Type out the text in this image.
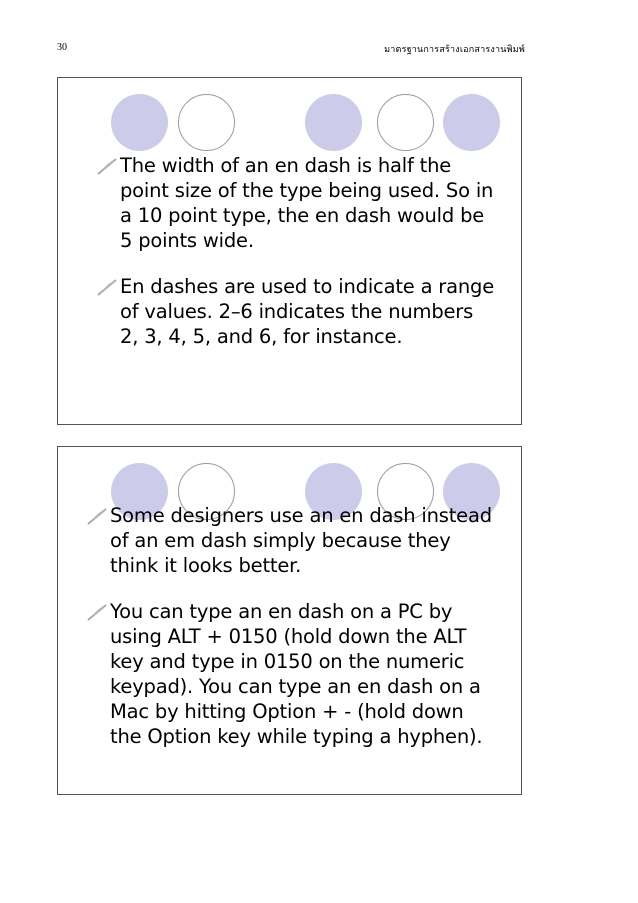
30	มาตรฐานการสร้างเอกสารงานพิมพ์
The width of an en dash is half the point size of the type being used. So in a 10 point type, the en dash would be 5 points wide.
En dashes are used to indicate a range of values. 2–6 indicates the numbers 2, 3, 4, 5, and 6, for instance.
Some designers use an en dash instead of an em dash simply because they think it looks better.
You can type an en dash on a PC by using ALT + 0150 (hold down the ALT key and type in 0150 on the numeric keypad). You can type an en dash on a Mac by hitting Option + - (hold down the Option key while typing a hyphen).
